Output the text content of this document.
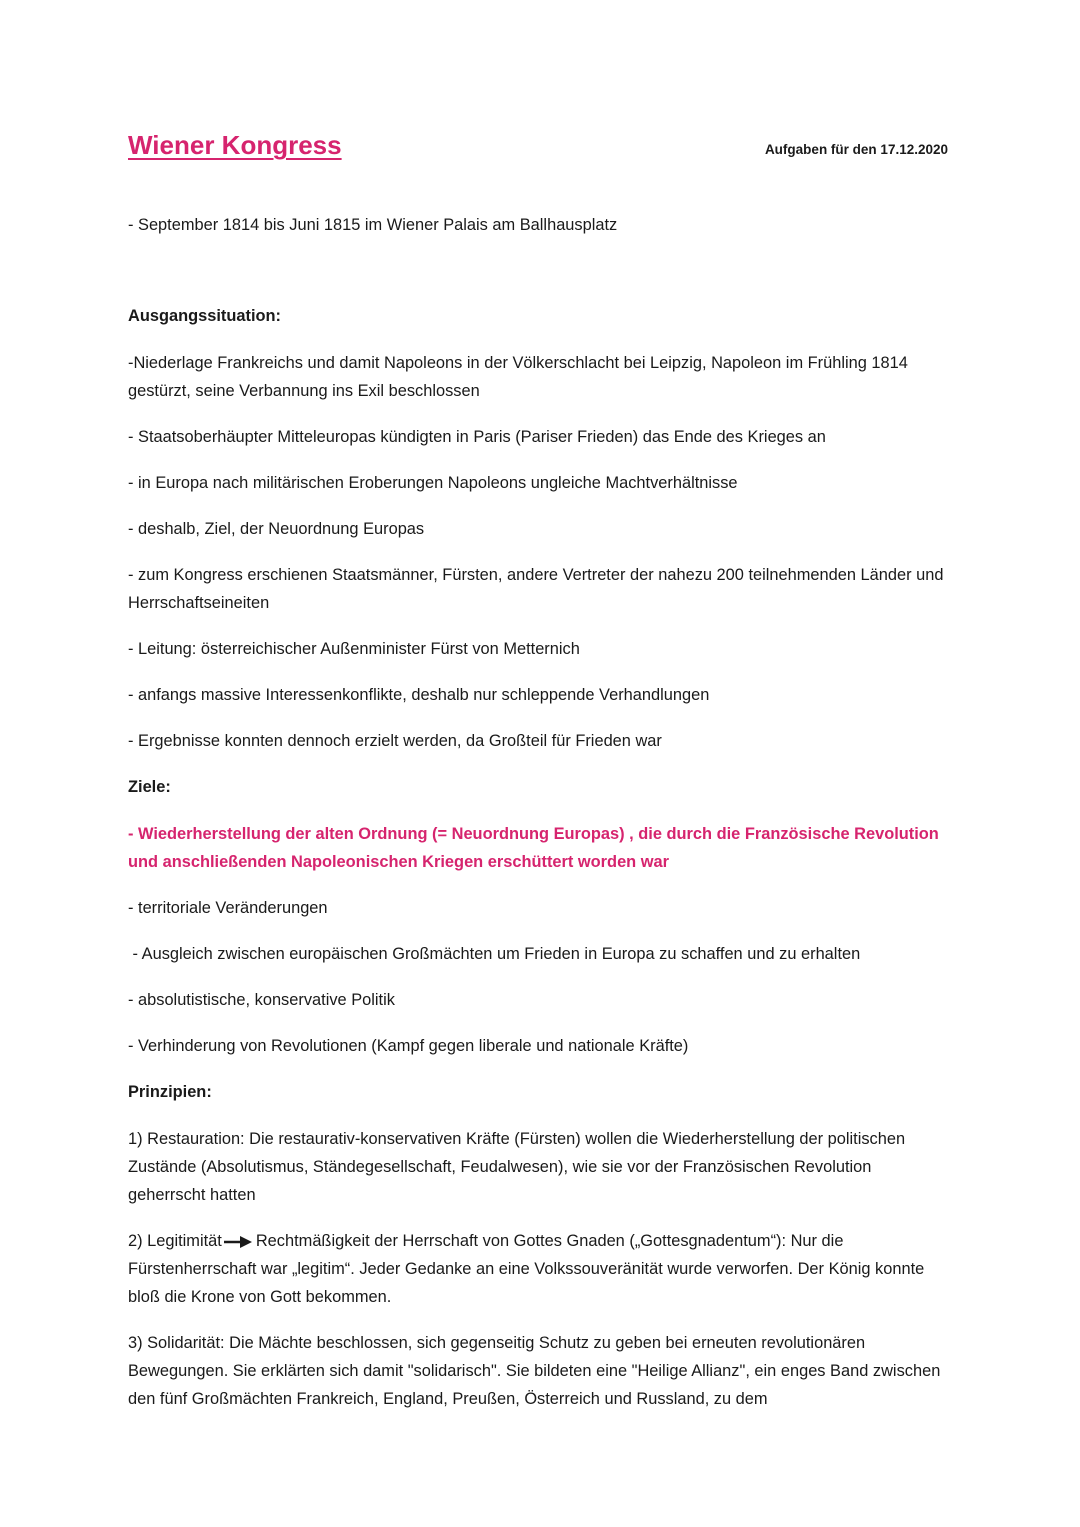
Wiener Kongress	Aufgaben für den 17.12.2020

- September 1814 bis Juni 1815 im Wiener Palais am Ballhausplatz

Ausgangssituation:

-Niederlage Frankreichs und damit Napoleons in der Völkerschlacht bei Leipzig, Napoleon im Frühling 1814 gestürzt, seine Verbannung ins Exil beschlossen

- Staatsoberhäupter Mitteleuropas kündigten in Paris (Pariser Frieden) das Ende des Krieges an

- in Europa nach militärischen Eroberungen Napoleons ungleiche Machtverhältnisse

- deshalb, Ziel, der Neuordnung Europas

- zum Kongress erschienen Staatsmänner, Fürsten, andere Vertreter der nahezu 200 teilnehmenden Länder und Herrschaftseineiten

- Leitung: österreichischer Außenminister Fürst von Metternich

- anfangs massive Interessenkonflikte, deshalb nur schleppende Verhandlungen

- Ergebnisse konnten dennoch erzielt werden, da Großteil für Frieden war

Ziele:

- Wiederherstellung der alten Ordnung (= Neuordnung Europas) , die durch die Französische Revolution und anschließenden Napoleonischen Kriegen erschüttert worden war

- territoriale Veränderungen

- Ausgleich zwischen europäischen Großmächten um Frieden in Europa zu schaffen und zu erhalten

- absolutistische, konservative Politik

- Verhinderung von Revolutionen (Kampf gegen liberale und nationale Kräfte)

Prinzipien:

1) Restauration: Die restaurativ-konservativen Kräfte (Fürsten) wollen die Wiederherstellung der politischen Zustände (Absolutismus, Ständegesellschaft, Feudalwesen), wie sie vor der Französischen Revolution geherrscht hatten

2) Legitimität Rechtmäßigkeit der Herrschaft von Gottes Gnaden („Gottesgnadentum“): Nur die Fürstenherrschaft war „legitim“. Jeder Gedanke an eine Volkssouveränität wurde verworfen. Der König konnte bloß die Krone von Gott bekommen.

3) Solidarität: Die Mächte beschlossen, sich gegenseitig Schutz zu geben bei erneuten revolutionären Bewegungen. Sie erklärten sich damit "solidarisch". Sie bildeten eine "Heilige Allianz", ein enges Band zwischen den fünf Großmächten Frankreich, England, Preußen, Österreich und Russland, zu dem
